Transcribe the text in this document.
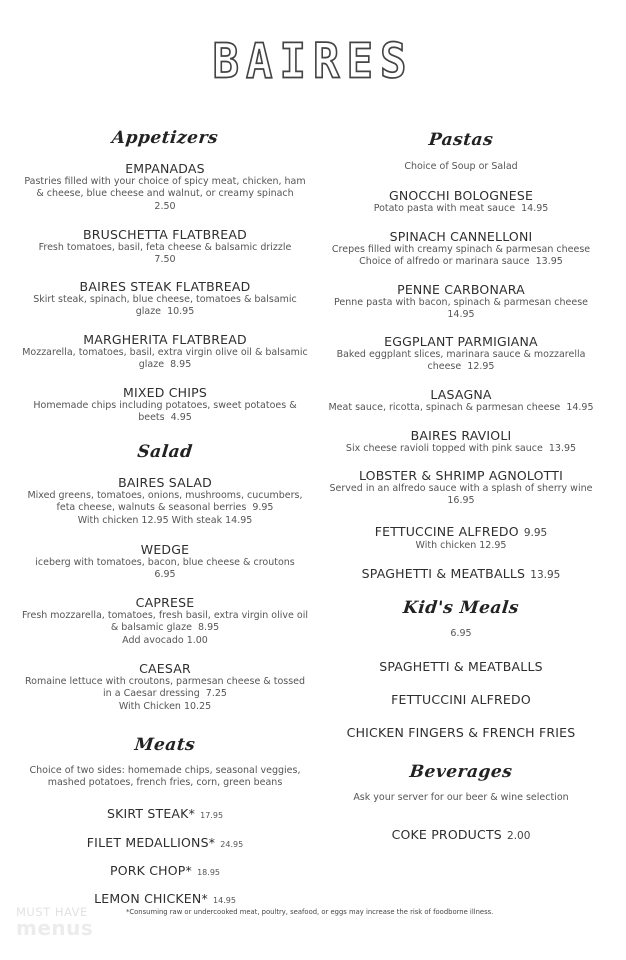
BAIRES
Appetizers
EMPANADAS
Pastries filled with your choice of spicy meat, chicken, ham & cheese, blue cheese and walnut, or creamy spinach
2.50
BRUSCHETTA FLATBREAD
Fresh tomatoes, basil, feta cheese & balsamic drizzle
7.50
BAIRES STEAK FLATBREAD
Skirt steak, spinach, blue cheese, tomatoes & balsamic glaze 10.95
MARGHERITA FLATBREAD
Mozzarella, tomatoes, basil, extra virgin olive oil & balsamic glaze 8.95
MIXED CHIPS
Homemade chips including potatoes, sweet potatoes & beets 4.95
Salad
BAIRES SALAD
Mixed greens, tomatoes, onions, mushrooms, cucumbers, feta cheese, walnuts & seasonal berries 9.95
With chicken 12.95 With steak 14.95
WEDGE
iceberg with tomatoes, bacon, blue cheese & croutons
6.95
CAPRESE
Fresh mozzarella, tomatoes, fresh basil, extra virgin olive oil & balsamic glaze 8.95
Add avocado 1.00
CAESAR
Romaine lettuce with croutons, parmesan cheese & tossed in a Caesar dressing 7.25
With Chicken 10.25
Meats
Choice of two sides: homemade chips, seasonal veggies, mashed potatoes, french fries, corn, green beans
SKIRT STEAK* 17.95
FILET MEDALLIONS* 24.95
PORK CHOP* 18.95
LEMON CHICKEN* 14.95
Pastas
Choice of Soup or Salad
GNOCCHI BOLOGNESE
Potato pasta with meat sauce 14.95
SPINACH CANNELLONI
Crepes filled with creamy spinach & parmesan cheese Choice of alfredo or marinara sauce 13.95
PENNE CARBONARA
Penne pasta with bacon, spinach & parmesan cheese
14.95
EGGPLANT PARMIGIANA
Baked eggplant slices, marinara sauce & mozzarella cheese 12.95
LASAGNA
Meat sauce, ricotta, spinach & parmesan cheese 14.95
BAIRES RAVIOLI
Six cheese ravioli topped with pink sauce 13.95
LOBSTER & SHRIMP AGNOLOTTI
Served in an alfredo sauce with a splash of sherry wine
16.95
FETTUCCINE ALFREDO 9.95
With chicken 12.95
SPAGHETTI & MEATBALLS 13.95
Kid's Meals
6.95
SPAGHETTI & MEATBALLS
FETTUCCINI ALFREDO
CHICKEN FINGERS & FRENCH FRIES
Beverages
Ask your server for our beer & wine selection
COKE PRODUCTS 2.00
*Consuming raw or undercooked meat, poultry, seafood, or eggs may increase the risk of foodborne illness.
MUST HAVE
menus
